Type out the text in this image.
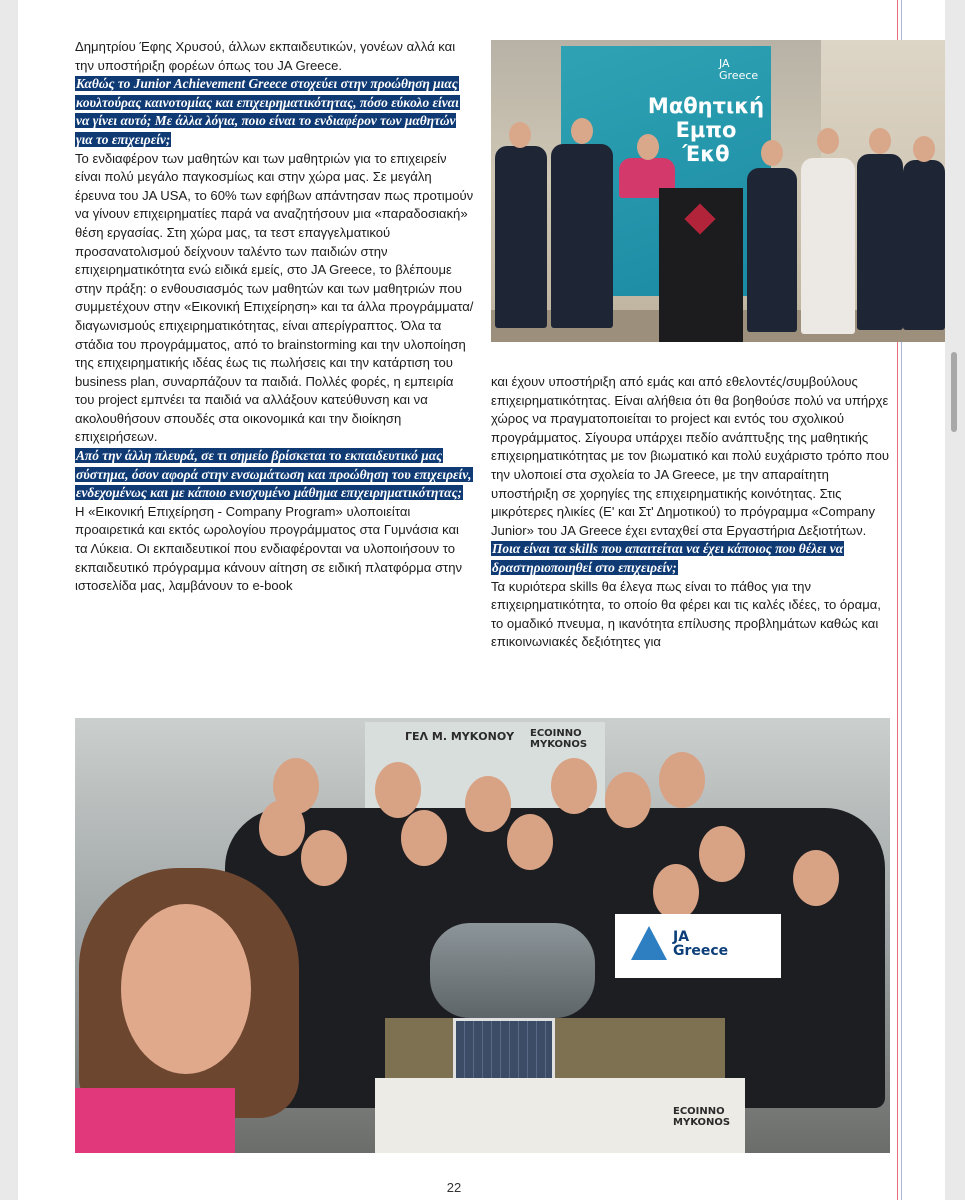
Δημητρίου Έφης Χρυσού, άλλων εκπαιδευτικών, γονέων αλλά και την υποστήριξη φορέων όπως του JA Greece.

Καθώς το Junior Achievement Greece στοχεύει στην προώθηση μιας κουλτούρας καινοτομίας και επιχειρηματικότητας, πόσο εύκολο είναι να γίνει αυτό; Με άλλα λόγια, ποιο είναι το ενδιαφέρον των μαθητών για το επιχειρείν;

Το ενδιαφέρον των μαθητών και των μαθητριών για το επιχειρείν είναι πολύ μεγάλο παγκοσμίως και στην χώρα μας. Σε μεγάλη έρευνα του JA USA, το 60% των εφήβων απάντησαν πως προτιμούν να γίνουν επιχειρηματίες παρά να αναζητήσουν μια «παραδοσιακή» θέση εργασίας. Στη χώρα μας, τα τεστ επαγγελματικού προσανατολισμού δείχνουν ταλέντο των παιδιών στην επιχειρηματικότητα ενώ ειδικά εμείς, στο JA Greece, το βλέπουμε στην πράξη: ο ενθουσιασμός των μαθητών και των μαθητριών που συμμετέχουν στην «Εικονική Επιχείρηση» και τα άλλα προγράμματα/διαγωνισμούς επιχειρηματικότητας, είναι απερίγραπτος. Όλα τα στάδια του προγράμματος, από το brainstorming και την υλοποίηση της επιχειρηματικής ιδέας έως τις πωλήσεις και την κατάρτιση του business plan, συναρπάζουν τα παιδιά. Πολλές φορές, η εμπειρία του project εμπνέει τα παιδιά να αλλάξουν κατεύθυνση και να ακολουθήσουν σπουδές στα οικονομικά και την διοίκηση επιχειρήσεων.

Από την άλλη πλευρά, σε τι σημείο βρίσκεται το εκπαιδευτικό μας σύστημα, όσον αφορά στην ενσωμάτωση και προώθηση του επιχειρείν, ενδεχομένως και με κάποιο ενισχυμένο μάθημα επιχειρηματικότητας;

Η «Εικονική Επιχείρηση - Company Program» υλοποιείται προαιρετικά και εκτός ωρολογίου προγράμματος στα Γυμνάσια και τα Λύκεια. Οι εκπαιδευτικοί που ενδιαφέρονται να υλοποιήσουν το εκπαιδευτικό πρόγραμμα κάνουν αίτηση σε ειδική πλατφόρμα στην ιστοσελίδα μας, λαμβάνουν το e-book

Μαθητική
Εμπο
Έκθ
JA
Greece

και έχουν υποστήριξη από εμάς και από εθελοντές/συμβούλους επιχειρηματικότητας. Είναι αλήθεια ότι θα βοηθούσε πολύ να υπήρχε χώρος να πραγματοποιείται το project και εντός του σχολικού προγράμματος. Σίγουρα υπάρχει πεδίο ανάπτυξης της μαθητικής επιχειρηματικότητας με τον βιωματικό και πολύ ευχάριστο τρόπο που την υλοποιεί στα σχολεία το JA Greece, με την απαραίτητη υποστήριξη σε χορηγίες της επιχειρηματικής κοινότητας. Στις μικρότερες ηλικίες (Ε' και Στ' Δημοτικού) το πρόγραμμα «Company Junior» του JA Greece έχει ενταχθεί στα Εργαστήρια Δεξιοτήτων.

Ποια είναι τα skills που απαιτείται να έχει κάποιος που θέλει να δραστηριοποιηθεί στο επιχειρείν;

Τα κυριότερα skills θα έλεγα πως είναι το πάθος για την επιχειρηματικότητα, το οποίο θα φέρει και τις καλές ιδέες, το όραμα, το ομαδικό πνευμα, η ικανότητα επίλυσης προβλημάτων καθώς και επικοινωνιακές δεξιότητες για

ΓΕΛ Μ. ΜΥΚΟΝΟΥ ECOINNO
MYKONOS
ECOINNO
MYKONOS
JA
Greece
22
